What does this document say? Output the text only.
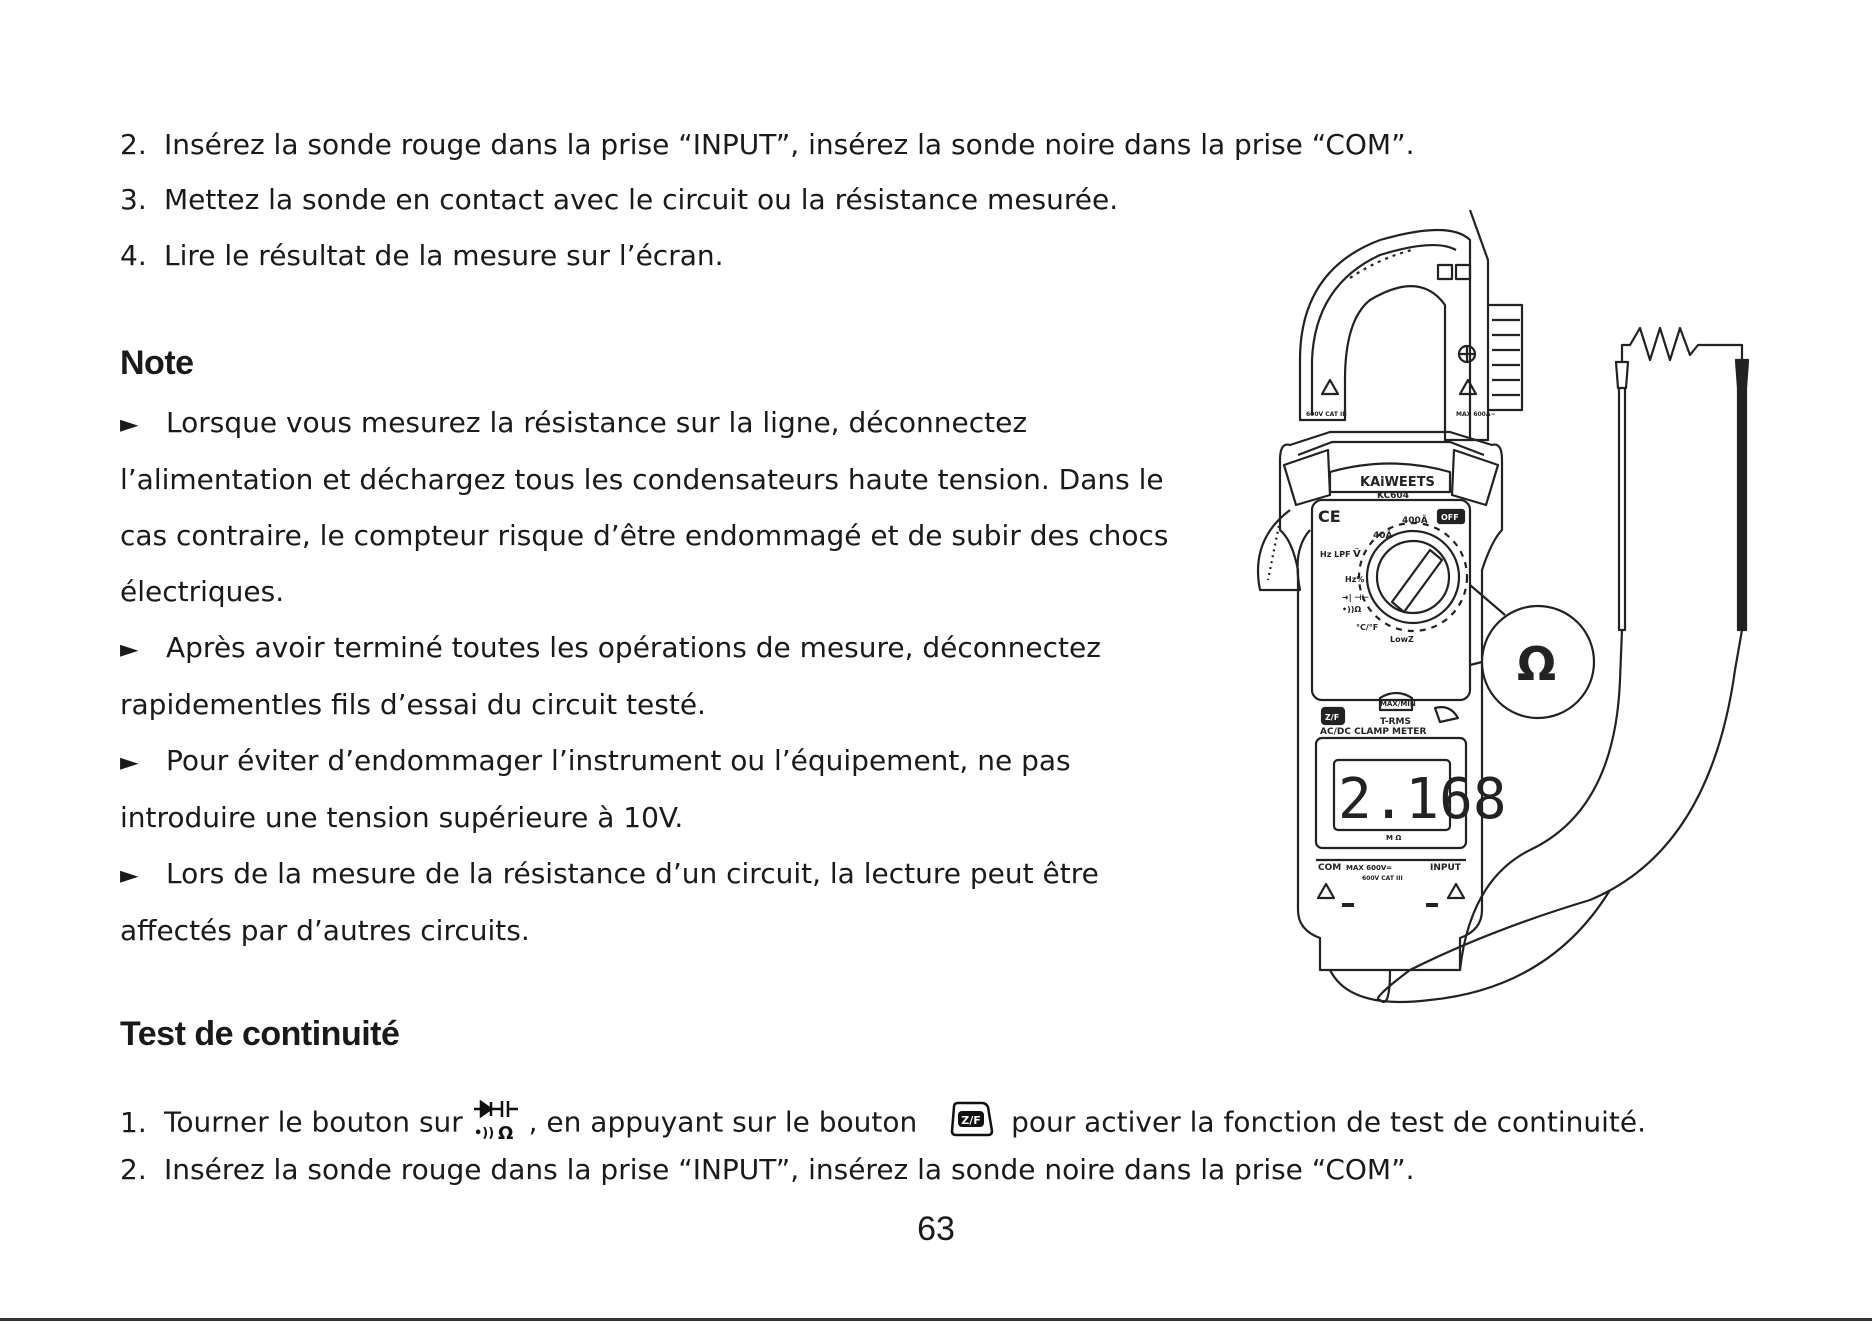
2. Insérez la sonde rouge dans la prise “INPUT”, insérez la sonde noire dans la prise “COM”.
3. Mettez la sonde en contact avec le circuit ou la résistance mesurée.
4. Lire le résultat de la mesure sur l’écran.
Note

► Lorsque vous mesurez la résistance sur la ligne, déconnectez l’alimentation et déchargez tous les condensateurs haute tension. Dans le cas contraire, le compteur risque d’être endommagé et de subir des chocs électriques.

► Après avoir terminé toutes les opérations de mesure, déconnectez rapidementles fils d’essai du circuit testé.

► Pour éviter d’endommager l’instrument ou l’équipement, ne pas introduire une tension supérieure à 10V.

► Lors de la mesure de la résistance d’un circuit, la lecture peut être affectés par d’autres circuits.

Test de continuité
1. Tourner le bouton sur •)) Ω , en appuyant sur le bouton	Z/F pour activer la fonction de test de continuité.
2. Insérez la sonde rouge dans la prise “INPUT”, insérez la sonde noire dans la prise “COM”.
KAiWEETS
KC604
CE	400Ã
40Ã
OFF
Hz LPF Ṽ
Hz%
➜| ⊣⊢
•))Ω
°C/°F
LowZ
Z/F
MAX/MIN
T-RMS
AC/DC CLAMP METER
2.168
M Ω
COM MAX 600V=	INPUT
600V CAT III
600V CAT III	MAX 600A~
Ω
63
